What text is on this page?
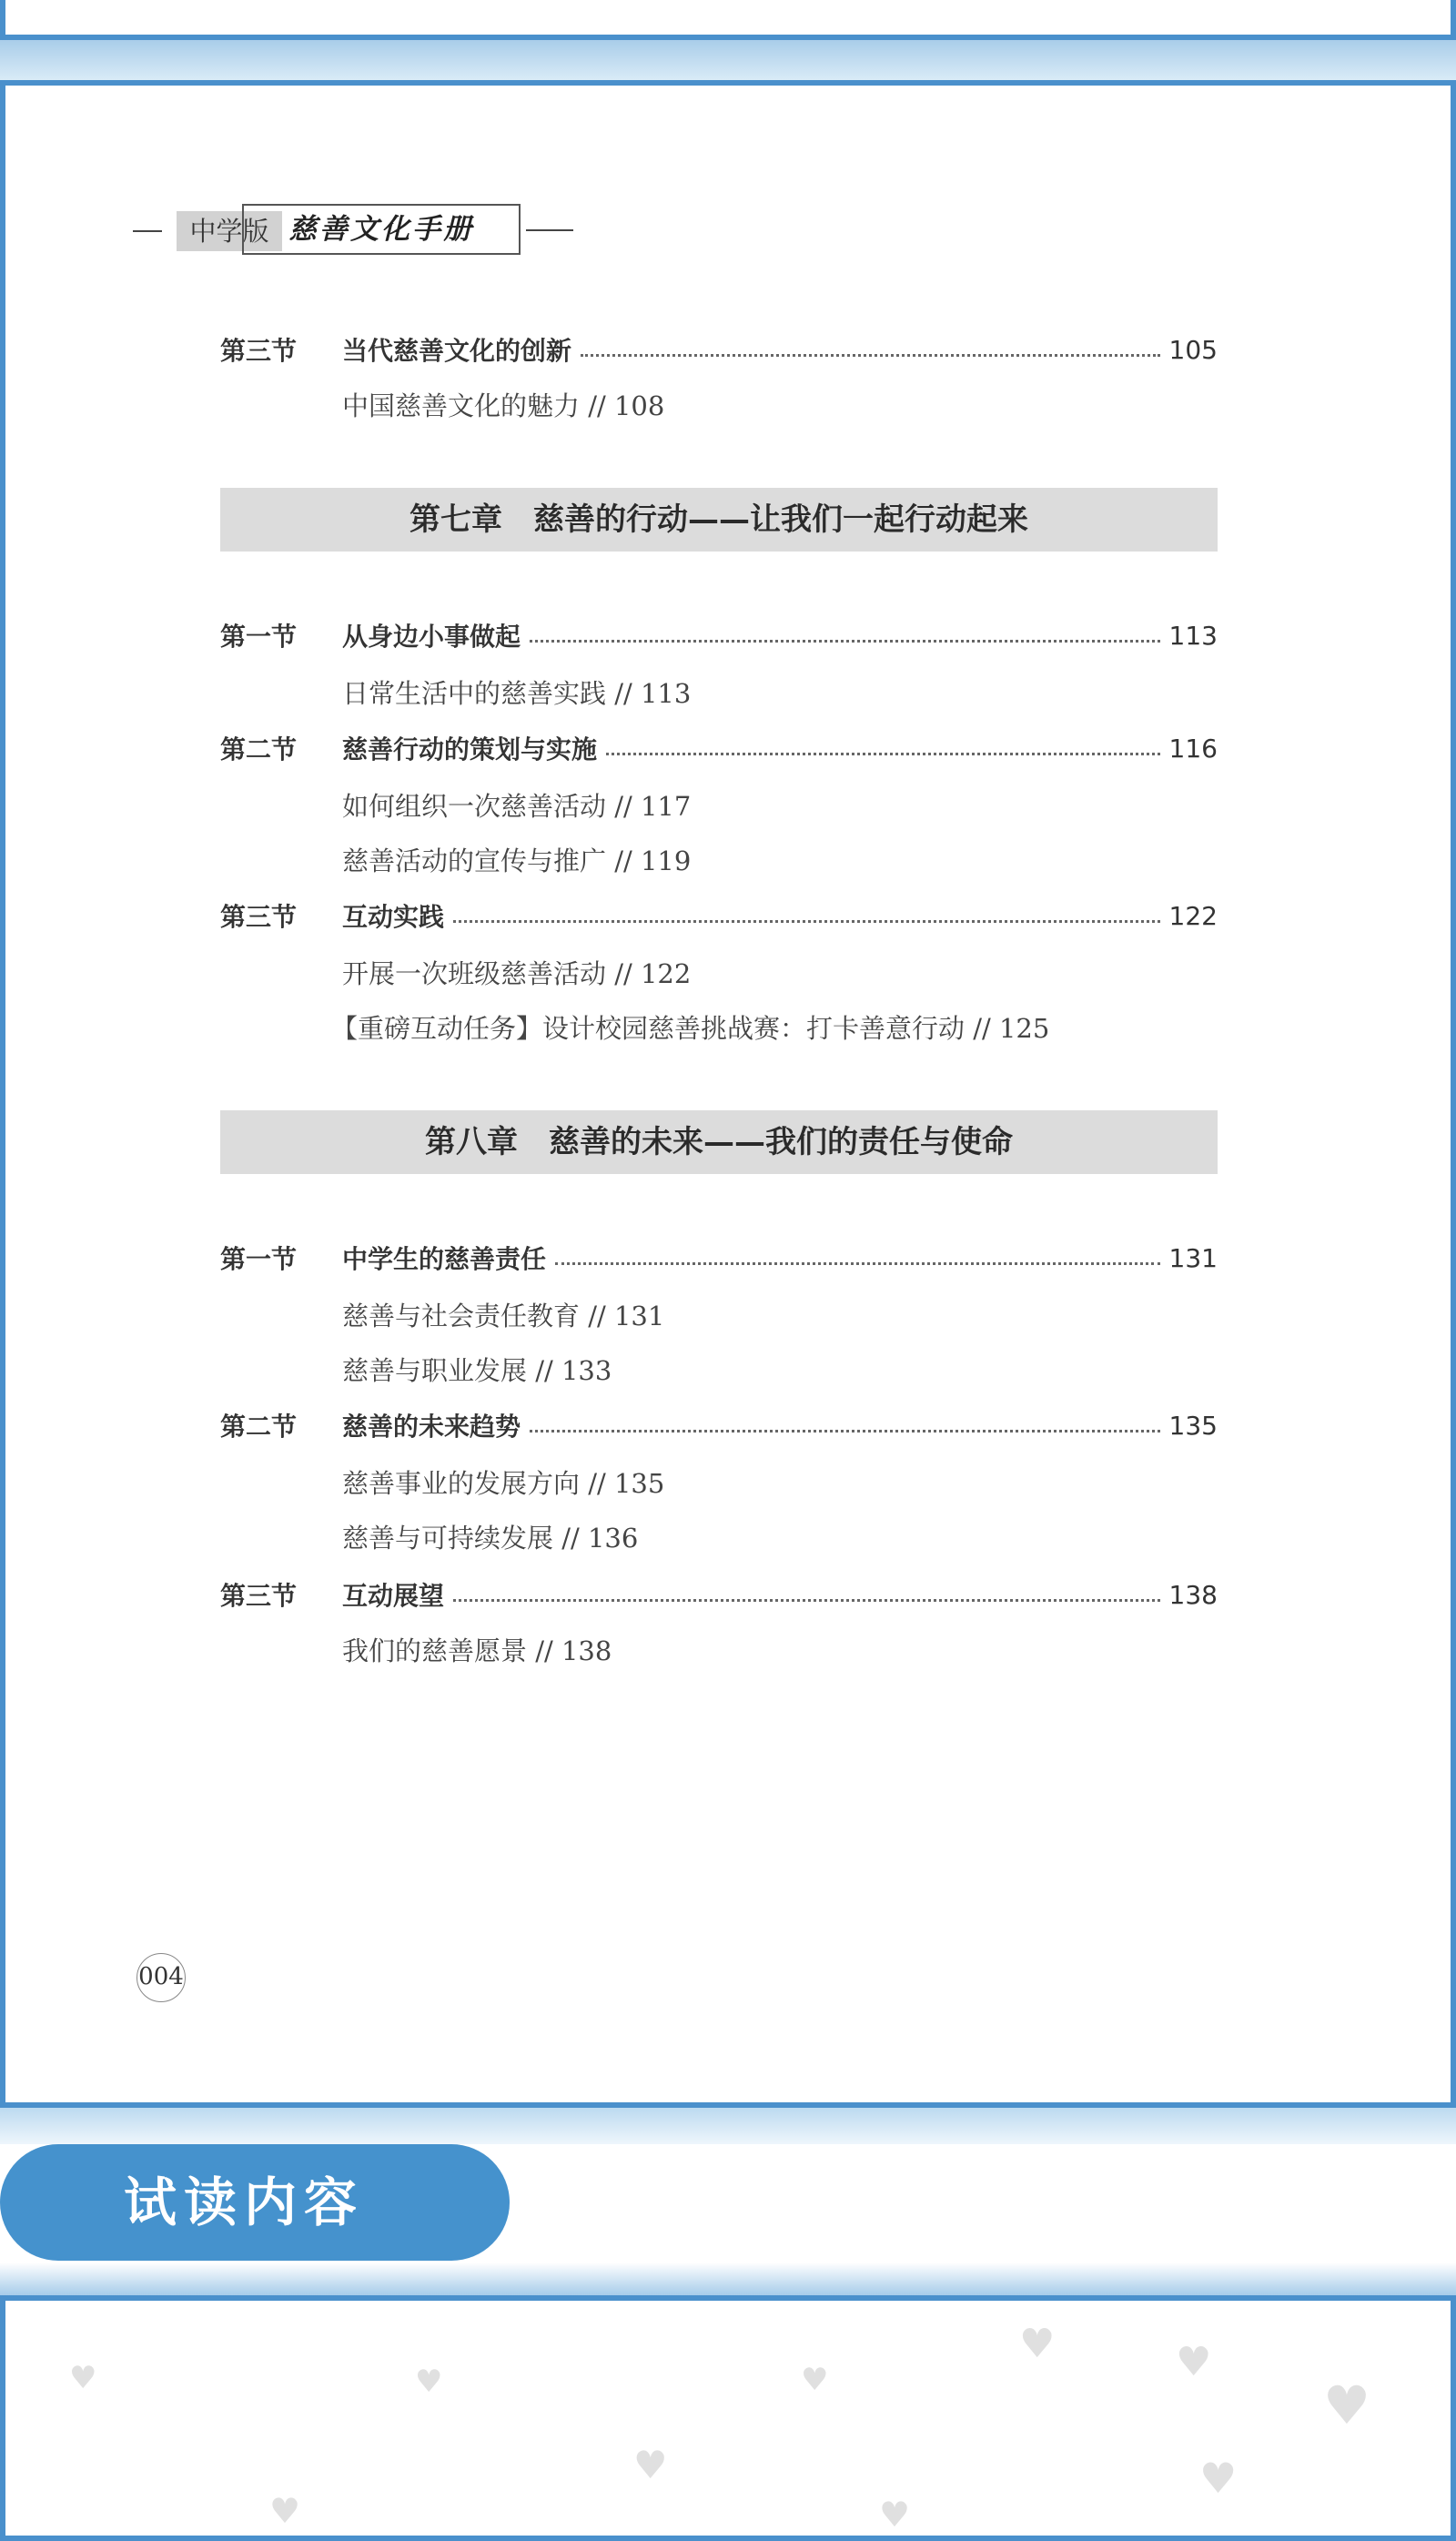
中学版 慈善文化手册
第三节	当代慈善文化的创新	105
中国慈善文化的魅力 // 108
第七章　慈善的行动——让我们一起行动起来
第一节	从身边小事做起	113
日常生活中的慈善实践 // 113
第二节	慈善行动的策划与实施	116
如何组织一次慈善活动 // 117
慈善活动的宣传与推广 // 119
第三节	互动实践	122
开展一次班级慈善活动 // 122
【重磅互动任务】设计校园慈善挑战赛：打卡善意行动 // 125
第八章　慈善的未来——我们的责任与使命
第一节	中学生的慈善责任	131
慈善与社会责任教育 // 131
慈善与职业发展 // 133
第二节	慈善的未来趋势	135
慈善事业的发展方向 // 135
慈善与可持续发展 // 136
第三节	互动展望	138
我们的慈善愿景 // 138
004
试读内容
♥	♥	♥
♥	♥
♥
♥
♥	♥
♥
